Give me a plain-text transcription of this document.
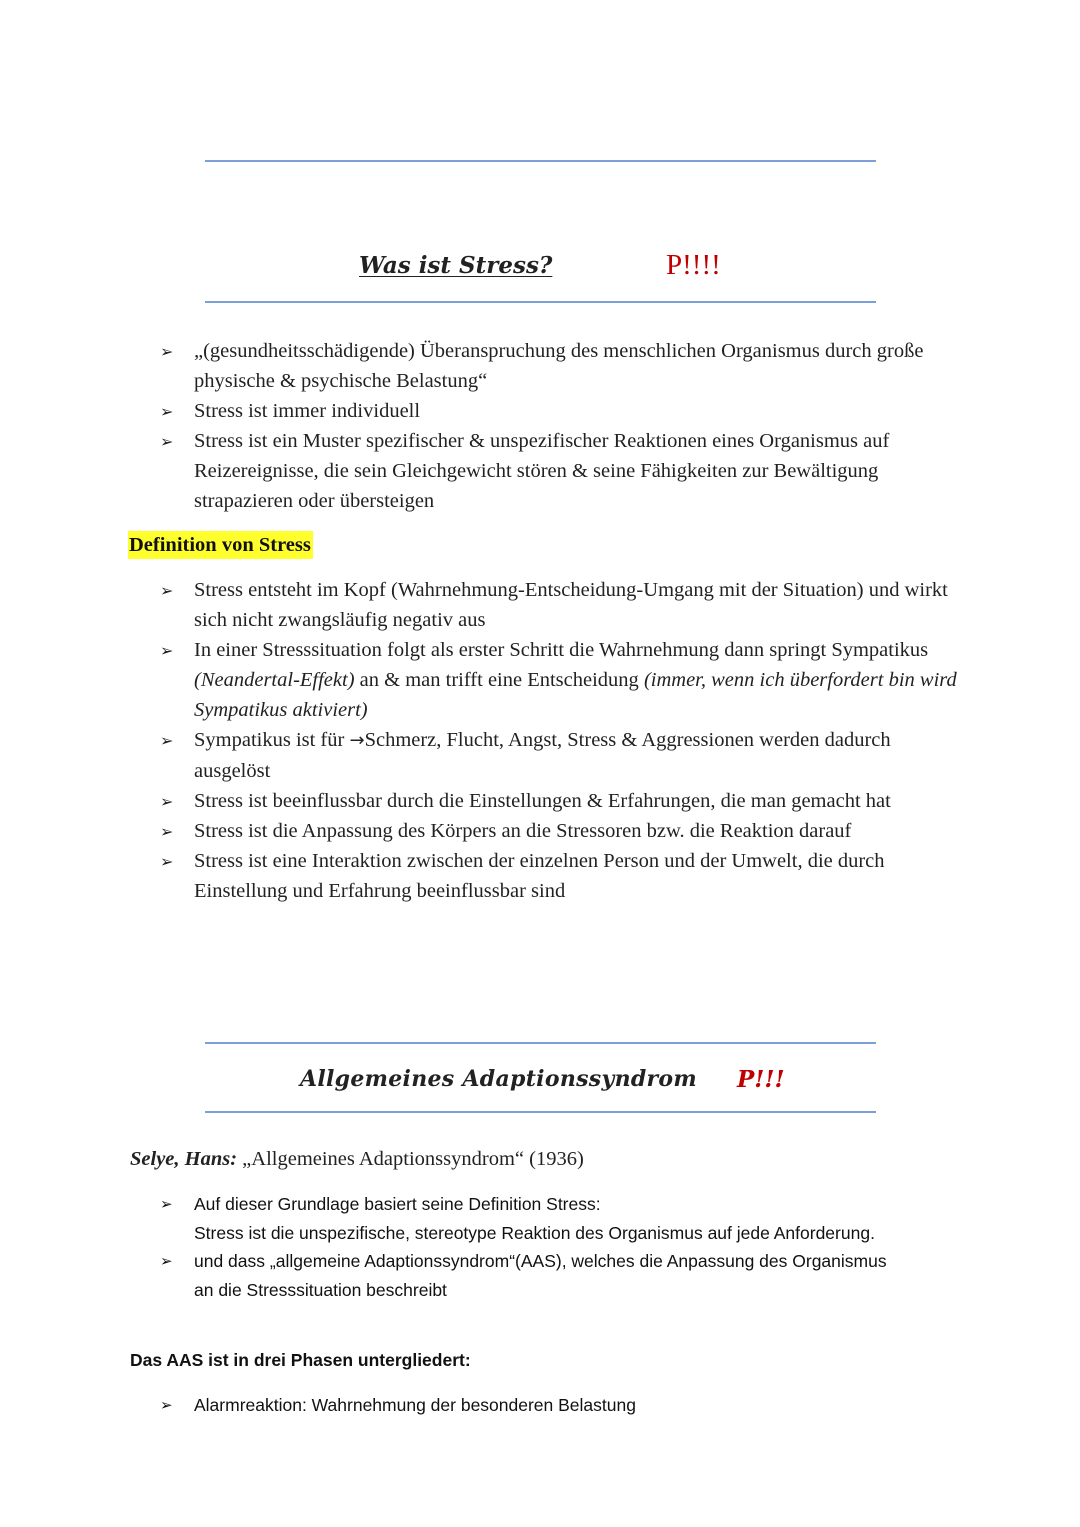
Was ist Stress?	P!!!!
➢ „(gesundheitsschädigende) Überanspruchung des menschlichen Organismus durch große physische & psychische Belastung“
➢ Stress ist immer individuell
➢ Stress ist ein Muster spezifischer & unspezifischer Reaktionen eines Organismus auf Reizereignisse, die sein Gleichgewicht stören & seine Fähigkeiten zur Bewältigung strapazieren oder übersteigen
Definition von Stress
➢ Stress entsteht im Kopf (Wahrnehmung-Entscheidung-Umgang mit der Situation) und wirkt sich nicht zwangsläufig negativ aus
➢ In einer Stresssituation folgt als erster Schritt die Wahrnehmung dann springt Sympatikus (Neandertal-Effekt) an & man trifft eine Entscheidung (immer, wenn ich überfordert bin wird Sympatikus aktiviert)
➢ Sympatikus ist für →Schmerz, Flucht, Angst, Stress & Aggressionen werden dadurch ausgelöst
➢ Stress ist beeinflussbar durch die Einstellungen & Erfahrungen, die man gemacht hat
➢ Stress ist die Anpassung des Körpers an die Stressoren bzw. die Reaktion darauf
➢ Stress ist eine Interaktion zwischen der einzelnen Person und der Umwelt, die durch Einstellung und Erfahrung beeinflussbar sind
Allgemeines Adaptionssyndrom P!!!
Selye, Hans: „Allgemeines Adaptionssyndrom“ (1936)
➢ Auf dieser Grundlage basiert seine Definition Stress:
Stress ist die unspezifische, stereotype Reaktion des Organismus auf jede Anforderung.
➢ und dass „allgemeine Adaptionssyndrom“(AAS), welches die Anpassung des Organismus an die Stresssituation beschreibt
Das AAS ist in drei Phasen untergliedert:
➢ Alarmreaktion: Wahrnehmung der besonderen Belastung
